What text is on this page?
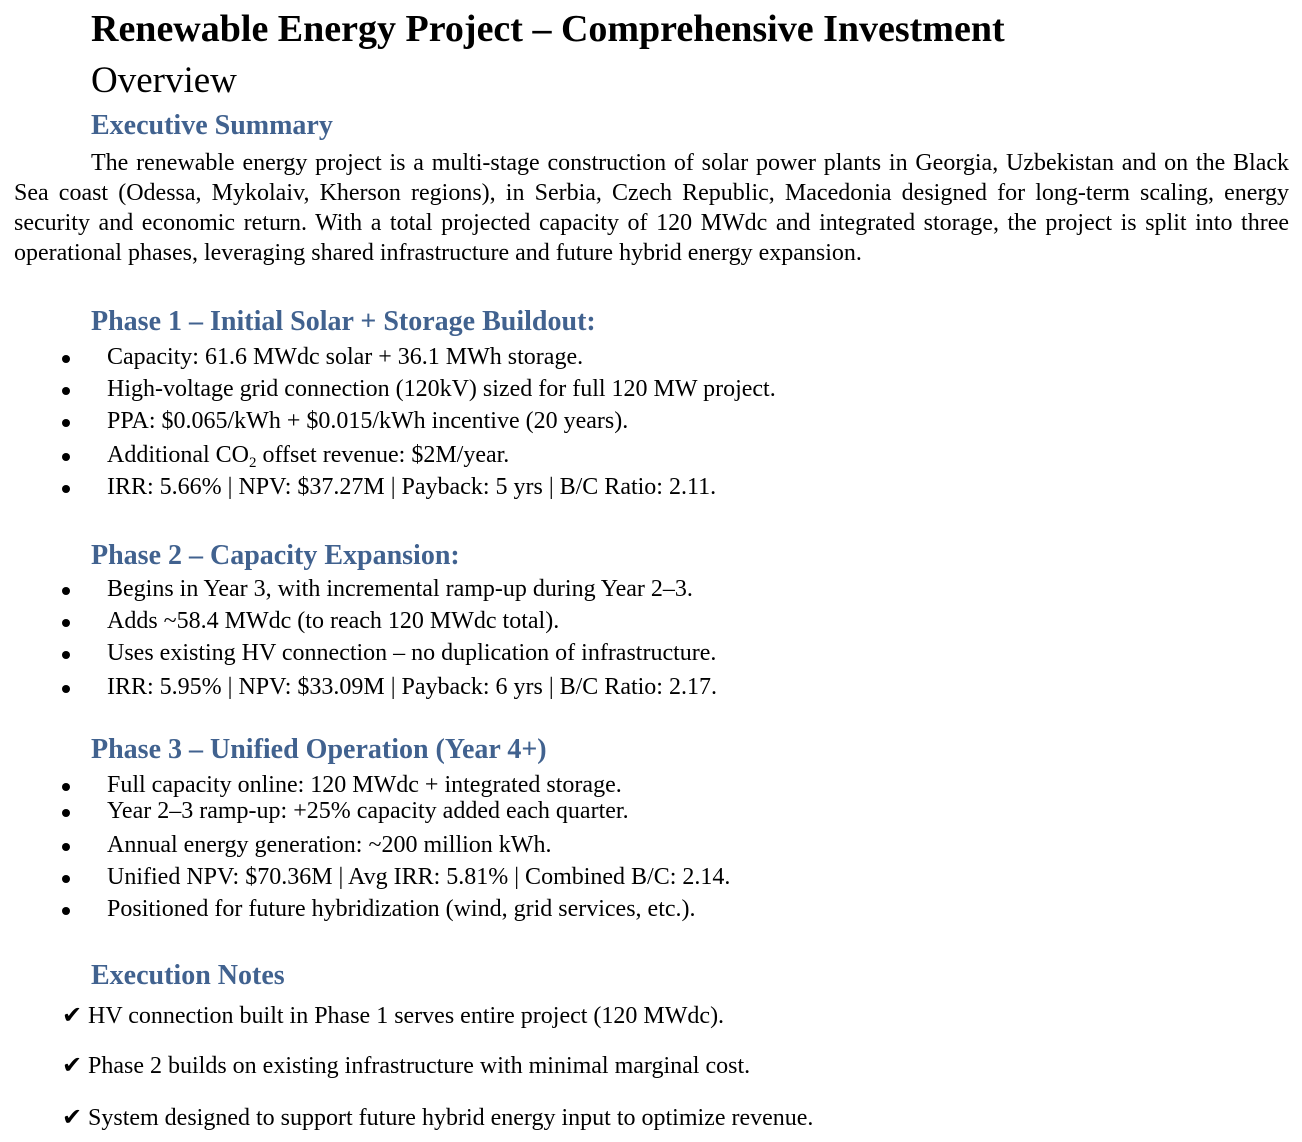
Renewable Energy Project – Comprehensive Investment
Overview
Executive Summary

The renewable energy project is a multi-stage construction of solar power plants in Georgia, Uzbekistan and on the Black Sea coast (Odessa, Mykolaiv, Kherson regions), in Serbia, Czech Republic, Macedonia designed for long-term scaling, energy security and economic return. With a total projected capacity of 120 MWdc and integrated storage, the project is split into three operational phases, leveraging shared infrastructure and future hybrid energy expansion.

Phase 1 – Initial Solar + Storage Buildout:
Capacity: 61.6 MWdc solar + 36.1 MWh storage.
High-voltage grid connection (120kV) sized for full 120 MW project.
PPA: $0.065/kWh + $0.015/kWh incentive (20 years).
Additional $CO_2$ offset revenue: $2M/year.
IRR: 5.66% | NPV: $37.27M | Payback: 5 yrs | B/C Ratio: 2.11.
Phase 2 – Capacity Expansion:
Begins in Year 3, with incremental ramp-up during Year 2–3.
Adds ~58.4 MWdc (to reach 120 MWdc total).
Uses existing HV connection – no duplication of infrastructure.
IRR: 5.95% | NPV: $33.09M | Payback: 6 yrs | B/C Ratio: 2.17.
Phase 3 – Unified Operation (Year 4+)
Full capacity online: 120 MWdc + integrated storage.
Year 2–3 ramp-up: +25% capacity added each quarter.
Annual energy generation: ~200 million kWh.
Unified NPV: $70.36M | Avg IRR: 5.81% | Combined B/C: 2.14.
Positioned for future hybridization (wind, grid services, etc.).
Execution Notes
✔ HV connection built in Phase 1 serves entire project (120 MWdc).
✔ Phase 2 builds on existing infrastructure with minimal marginal cost.
✔ System designed to support future hybrid energy input to optimize revenue.
